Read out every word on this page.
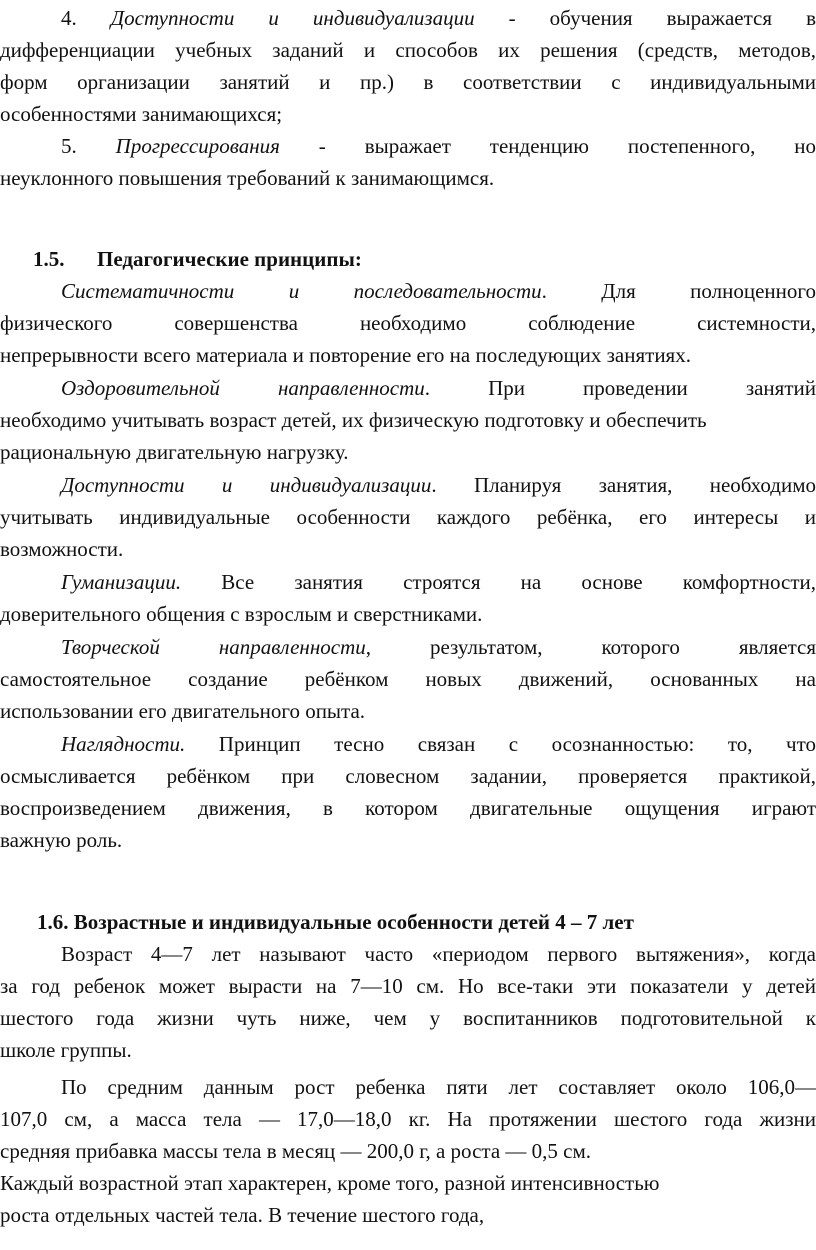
4. Доступности и индивидуализации - обучения выражается в
дифференциации учебных заданий и способов их решения (средств, методов,
форм организации занятий и пр.) в соответствии с индивидуальными
особенностями занимающихся;
5. Прогрессирования - выражает тенденцию постепенного, но
неуклонного повышения требований к занимающимся.
1.5. Педагогические принципы:
Систематичности и последовательности. Для полноценного
физического совершенства необходимо соблюдение системности,
непрерывности всего материала и повторение его на последующих занятиях.
Оздоровительной направленности. При проведении занятий
необходимо учитывать возраст детей, их физическую подготовку и обеспечить
рациональную двигательную нагрузку.
Доступности и индивидуализации. Планируя занятия, необходимо
учитывать индивидуальные особенности каждого ребёнка, его интересы и
возможности.
Гуманизации. Все занятия строятся на основе комфортности,
доверительного общения с взрослым и сверстниками.
Творческой направленности, результатом, которого является
самостоятельное создание ребёнком новых движений, основанных на
использовании его двигательного опыта.
Наглядности. Принцип тесно связан с осознанностью: то, что
осмысливается ребёнком при словесном задании, проверяется практикой,
воспроизведением движения, в котором двигательные ощущения играют
важную роль.
1.6. Возрастные и индивидуальные особенности детей 4 – 7 лет
Возраст 4—7 лет называют часто «периодом первого вытяжения», когда
за год ребенок может вырасти на 7—10 см. Но все-таки эти показатели у детей
шестого года жизни чуть ниже, чем у воспитанников подготовительной к
школе группы.
По средним данным рост ребенка пяти лет составляет около 106,0—
107,0 см, а масса тела — 17,0—18,0 кг. На протяжении шестого года жизни
средняя прибавка массы тела в месяц — 200,0 г, а роста — 0,5 см.
Каждый возрастной этап характерен, кроме того, разной интенсивностью
роста отдельных частей тела. В течение шестого года,
